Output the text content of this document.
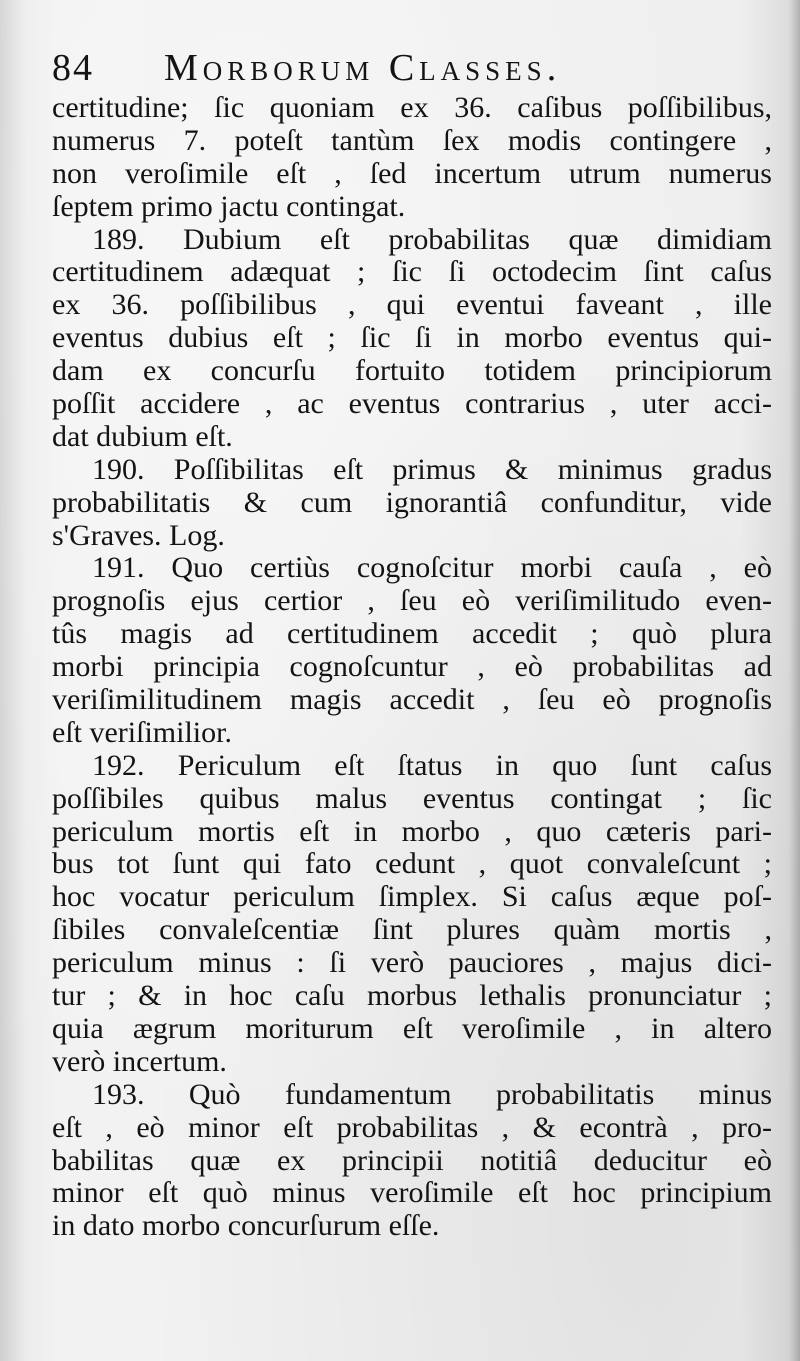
84 Morborum Classes.
certitudine; ſic quoniam ex 36. caſibus poſſibilibus,
numerus 7. poteſt tantùm ſex modis contingere ,
non veroſimile eſt , ſed incertum utrum numerus
ſeptem primo jactu contingat.
189. Dubium eſt probabilitas quæ dimidiam
certitudinem adæquat ; ſic ſi octodecim ſint caſus
ex 36. poſſibilibus , qui eventui faveant , ille
eventus dubius eſt ; ſic ſi in morbo eventus qui-
dam ex concurſu fortuito totidem principiorum
poſſit accidere , ac eventus contrarius , uter acci-
dat dubium eſt.
190. Poſſibilitas eſt primus & minimus gradus
probabilitatis & cum ignorantiâ confunditur, vide
s'Graves. Log.
191. Quo certiùs cognoſcitur morbi cauſa , eò
prognoſis ejus certior , ſeu eò veriſimilitudo even-
tûs magis ad certitudinem accedit ; quò plura
morbi principia cognoſcuntur , eò probabilitas ad
veriſimilitudinem magis accedit , ſeu eò prognoſis
eſt veriſimilior.
192. Periculum eſt ſtatus in quo ſunt caſus
poſſibiles quibus malus eventus contingat ; ſic
periculum mortis eſt in morbo , quo cæteris pari-
bus tot ſunt qui fato cedunt , quot convaleſcunt ;
hoc vocatur periculum ſimplex. Si caſus æque poſ-
ſibiles convaleſcentiæ ſint plures quàm mortis ,
periculum minus : ſi verò pauciores , majus dici-
tur ; & in hoc caſu morbus lethalis pronunciatur ;
quia ægrum moriturum eſt veroſimile , in altero
verò incertum.
193. Quò fundamentum probabilitatis minus
eſt , eò minor eſt probabilitas , & econtrà , pro-
babilitas quæ ex principii notitiâ deducitur eò
minor eſt quò minus veroſimile eſt hoc principium
in dato morbo concurſurum eſſe.
